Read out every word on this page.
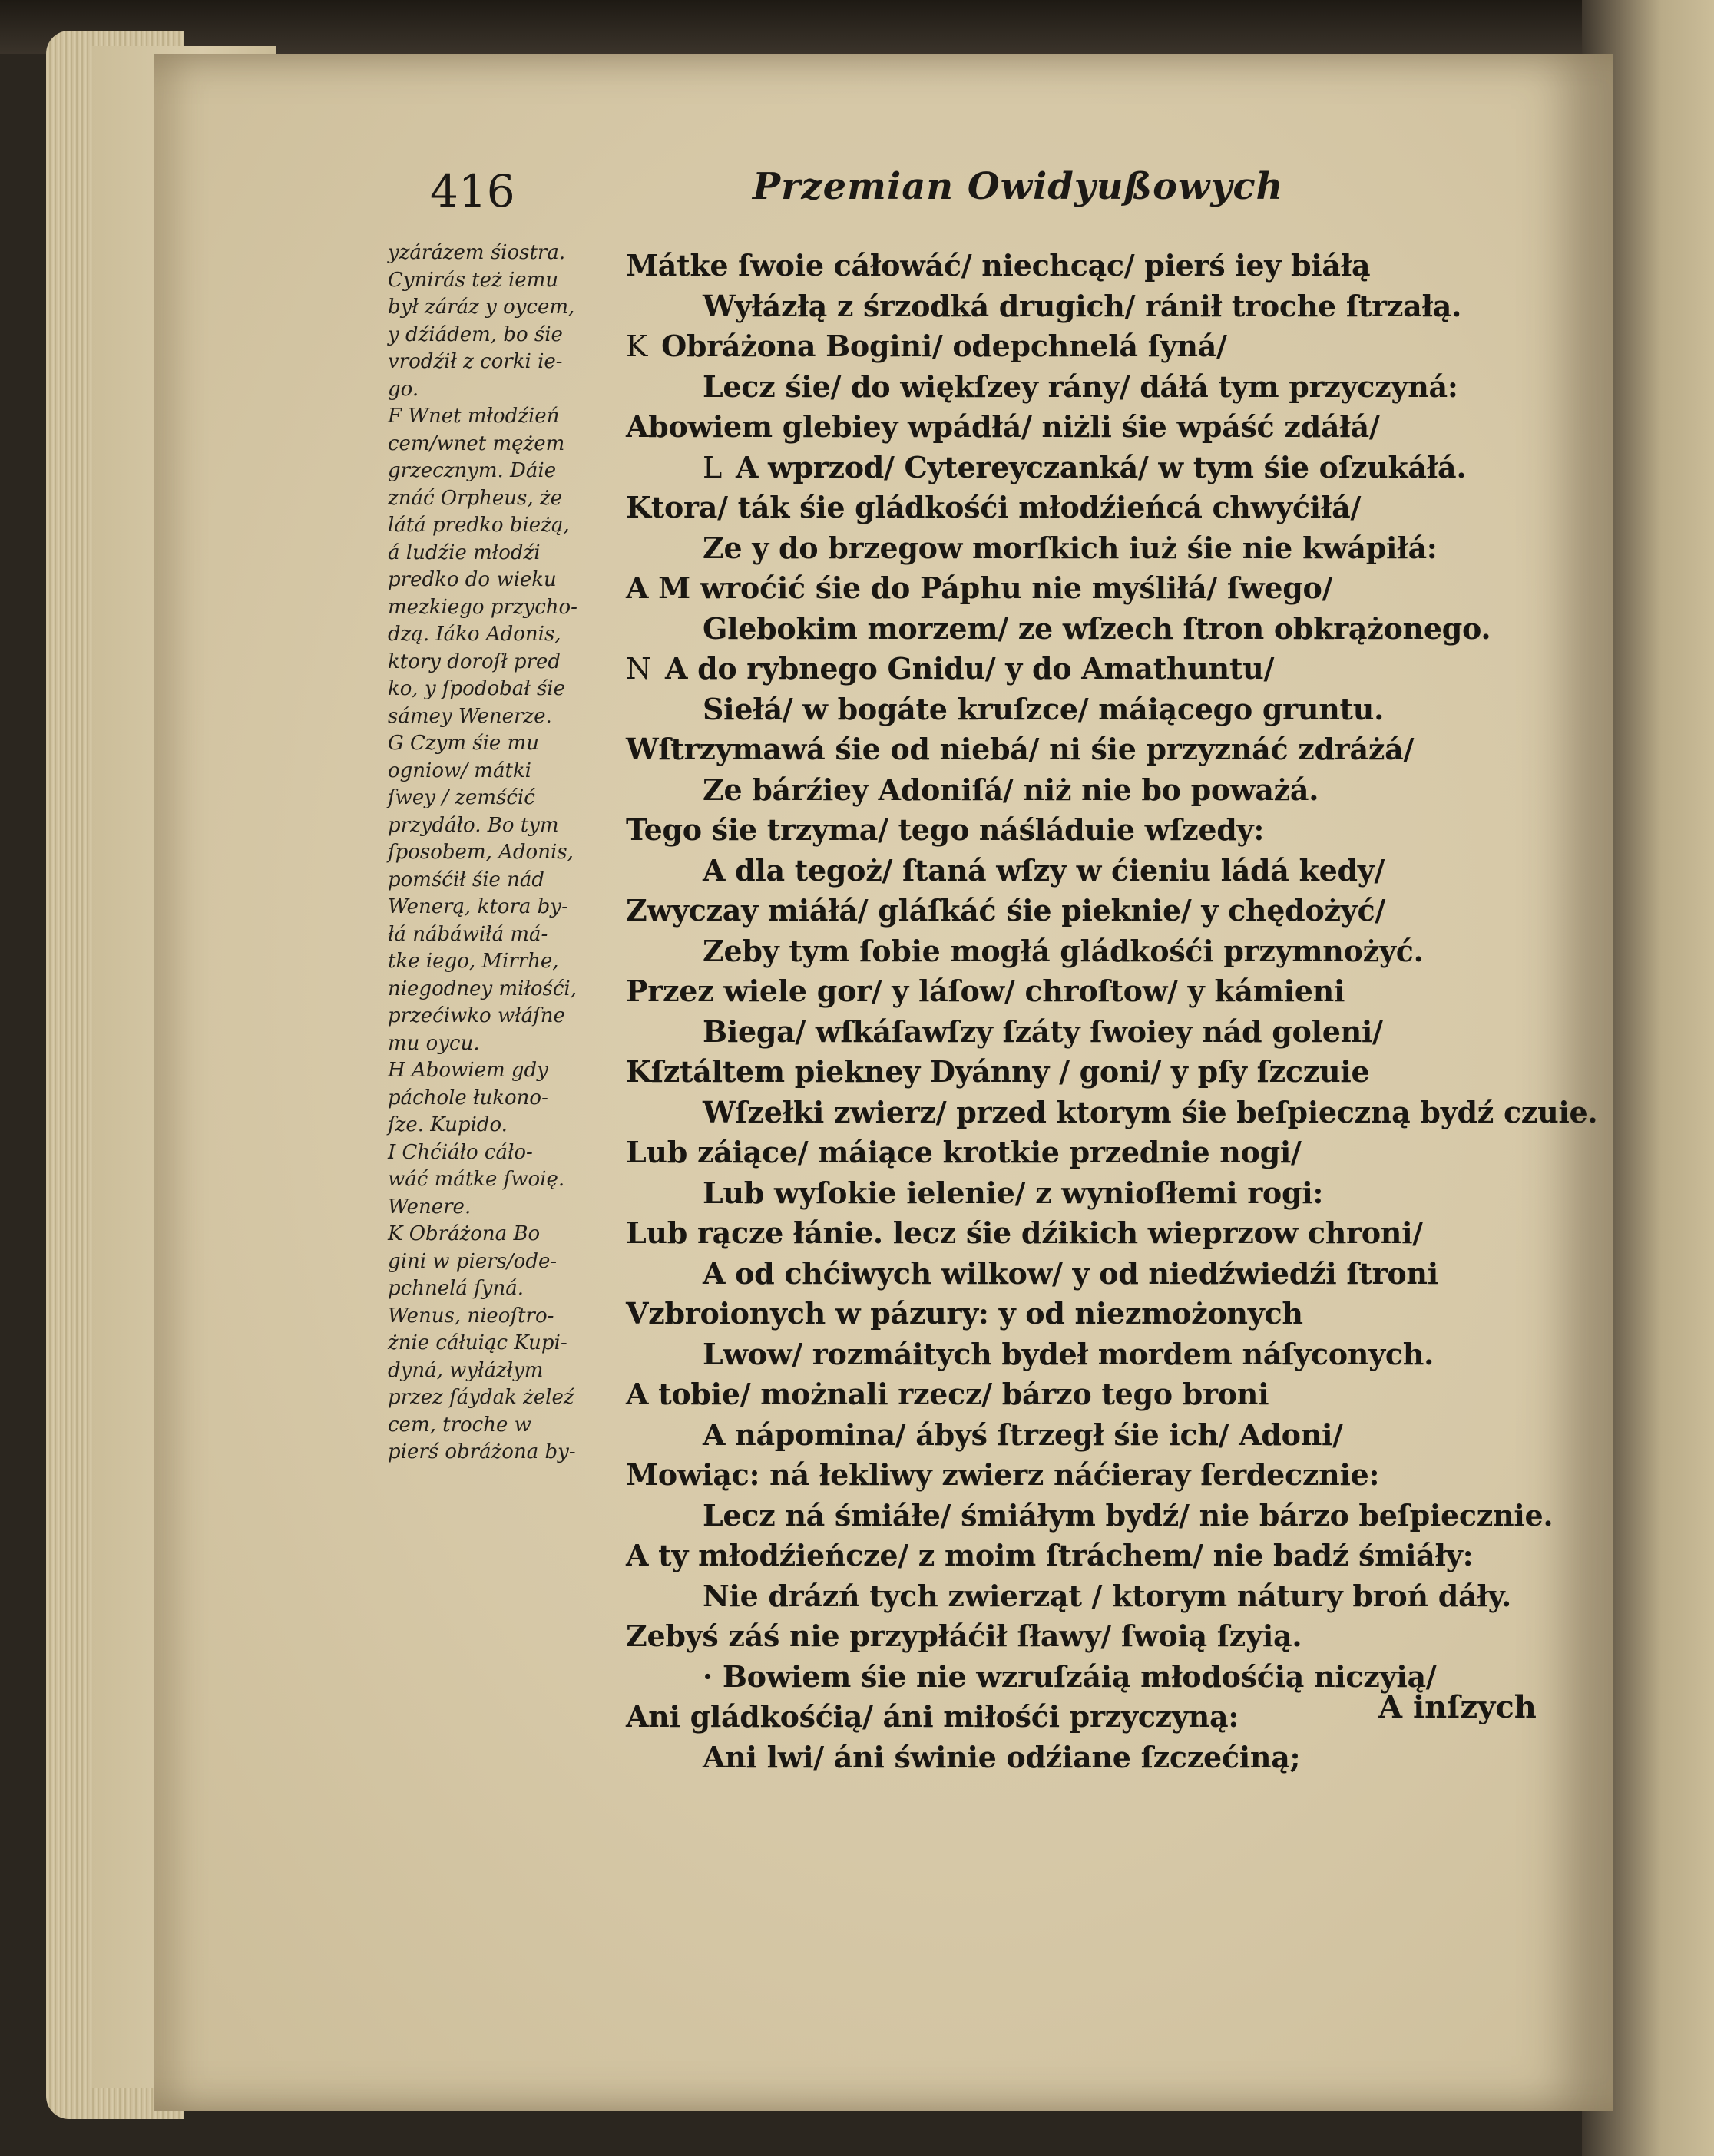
416	Przemian Owidyußowych
yzárázem śiostra.
Cynirás też iemu
był záráz y oycem,
y dźiádem, bo śie
vrodźił z corki ie-
go.
F Wnet młodźień
cem/wnet mężem
grzecznym. Dáie
znáć Orpheus, że
látá predko bieżą,
á ludźie młodźi
predko do wieku
mezkiego przycho-
dzą. Iáko Adonis,
ktory doroſł pred
ko, y ſpodobał śie
sámey Wenerze.
G Czym śie mu
ogniow/ mátki
ſwey / zemśćić
przydáło. Bo tym
ſposobem, Adonis,
pomśćił śie nád
Wenerą, ktora by-
łá nábáwiłá má-
tke iego, Mirrhe,
niegodney miłośći,
przećiwko włáſne
mu oycu.
H Abowiem gdy
páchole łukono-
ſze. Kupido.
I Chćiáło cáło-
wáć mátke ſwoię.
Wenere.
K Obráżona Bo
gini w piers/ode-
pchnelá ſyná.
Wenus, nieoſtro-
żnie cáłuiąc Kupi-
dyná, wyłázłym
przez ſáydak żeleź
cem, troche w
pierś obráżona by-
Mátke ſwoie cáłowáć/ niechcąc/ pierś iey biáłą
Wyłázłą z śrzodká drugich/ ránił troche ſtrzałą.
K Obráżona Bogini/ odepchnelá ſyná/
Lecz śie/ do więkſzey rány/ dáłá tym przyczyná:
Abowiem glebiey wpádłá/ niżli śie wpáść zdáłá/
L A wprzod/ Cytereyczanká/ w tym śie oſzukáłá.
Ktora/ ták śie gládkośći młodźieńcá chwyćiłá/
Ze y do brzegow morſkich iuż śie nie kwápiłá:
A M wroćić śie do Páphu nie myśliłá/ ſwego/
Glebokim morzem/ ze wſzech ſtron obkrążonego.
N A do rybnego Gnidu/ y do Amathuntu/
Siełá/ w bogáte kruſzce/ máiącego gruntu.
Wſtrzymawá śie od niebá/ ni śie przyznáć zdráżá/
Ze bárźiey Adoniſá/ niż nie bo poważá.
Tego śie trzyma/ tego náśláduie wſzedy:
A dla tegoż/ ſtaná wſzy w ćieniu ládá kedy/
Zwyczay miáłá/ gláſkáć śie pieknie/ y chędożyć/
Zeby tym ſobie mogłá gládkośći przymnożyć.
Przez wiele gor/ y láſow/ chroſtow/ y kámieni
Biega/ wſkáſawſzy ſzáty ſwoiey nád goleni/
Kſztáltem piekney Dyánny / goni/ y pſy ſzczuie
Wſzełki zwierz/ przed ktorym śie beſpieczną bydź czuie.
Lub záiące/ máiące krotkie przednie nogi/
Lub wyſokie ielenie/ z wynioſłemi rogi:
Lub rącze łánie. lecz śie dźikich wieprzow chroni/
A od chćiwych wilkow/ y od niedźwiedźi ſtroni
Vzbroionych w pázury: y od niezmożonych
Lwow/ rozmáitych bydeł mordem náſyconych.
A tobie/ możnali rzecz/ bárzo tego broni
A nápomina/ ábyś ſtrzegł śie ich/ Adoni/
Mowiąc: ná łekliwy zwierz náćieray ſerdecznie:
Lecz ná śmiáłe/ śmiáłym bydź/ nie bárzo beſpiecznie.
A ty młodźieńcze/ z moim ſtráchem/ nie badź śmiáły:
Nie drázń tych zwierząt / ktorym nátury broń dáły.
Zebyś záś nie przypłáćił ſławy/ ſwoią ſzyią.
· Bowiem śie nie wzruſzáią młodośćią niczyią/
Ani gládkośćią/ áni miłośći przyczyną:
Ani lwi/ áni świnie odźiane ſzczećiną;
A inſzych
